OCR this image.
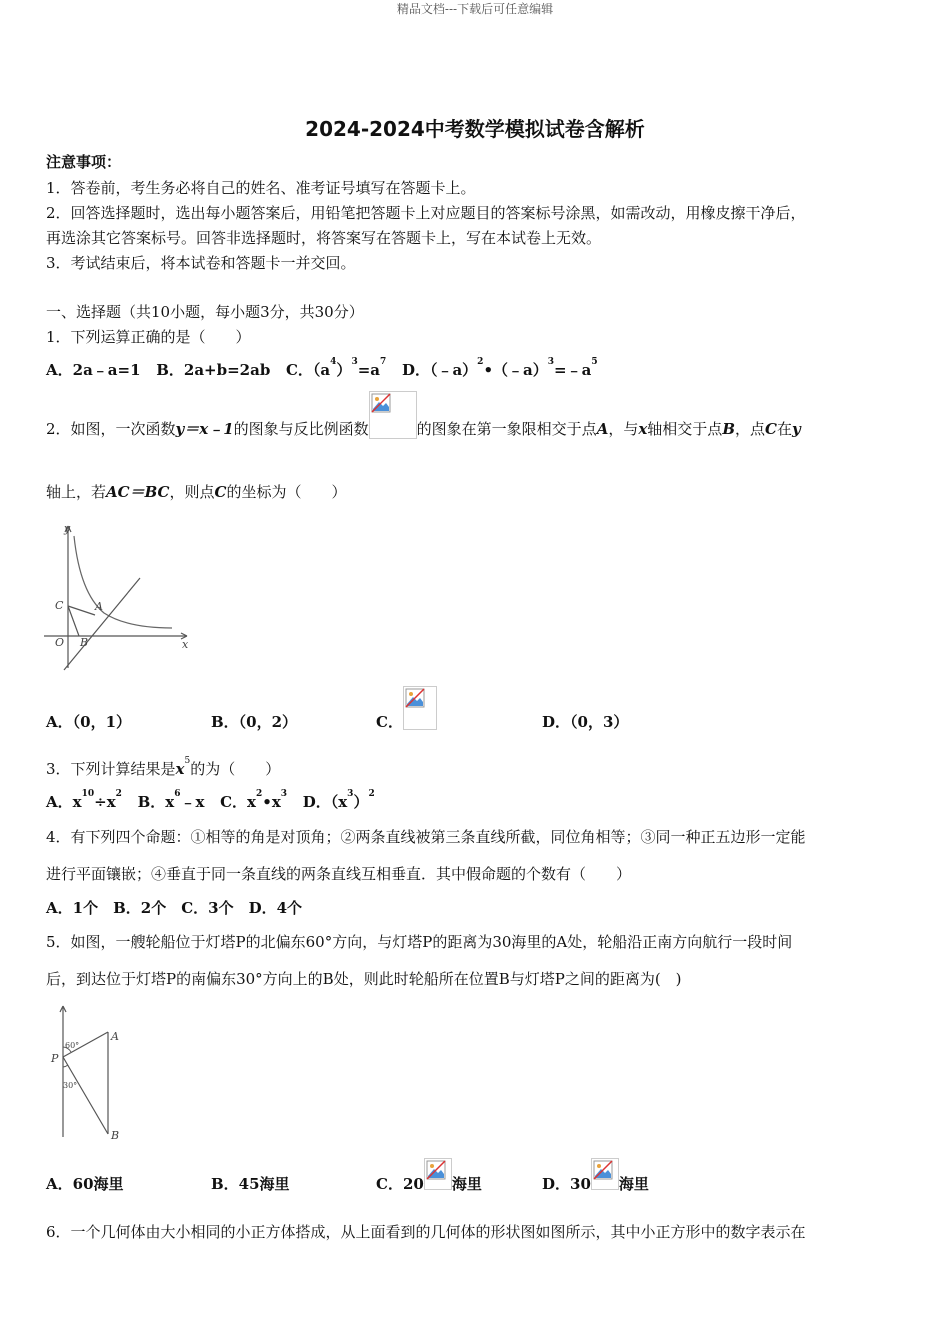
精品文档---下载后可任意编辑
2024-2024中考数学模拟试卷含解析
注意事项：
1．答卷前，考生务必将自己的姓名、准考证号填写在答题卡上。
2．回答选择题时，选出每小题答案后，用铅笔把答题卡上对应题目的答案标号涂黑，如需改动，用橡皮擦干净后，
再选涂其它答案标号。回答非选择题时，将答案写在答题卡上，写在本试卷上无效。
3．考试结束后，将本试卷和答题卡一并交回。
一、选择题（共10小题，每小题3分，共30分）
1．下列运算正确的是（　　）
A．2a﹣a=1 B．2a+b=2ab C．$(a^4)^3=a^7$ D．$(﹣a)^2•(﹣a)^3=﹣a^5$
2．如图，一次函数y＝x﹣1的图象与反比例函数	的图象在第一象限相交于点A，与x轴相交于点B，点C在y
轴上，若AC＝BC，则点C的坐标为（　　）
y
x
O B
C	A
A．（0，1）	B．（0，2）	C．	D．（0，3）
3．下列计算结果是$x^5$的为（　　）
A．$x^{10}\div x^2$ B．$x^6﹣x$ C．$x^2•x^3$ D．$(x^3)^2$
4．有下列四个命题：①相等的角是对顶角；②两条直线被第三条直线所截，同位角相等；③同一种正五边形一定能
进行平面镶嵌；④垂直于同一条直线的两条直线互相垂直．其中假命题的个数有（　　）
A．1个　B．2个　C．3个　D．4个
5．如图，一艘轮船位于灯塔P的北偏东60°方向，与灯塔P的距离为30海里的A处，轮船沿正南方向航行一段时间
后，到达位于灯塔P的南偏东30°方向上的B处，则此时轮船所在位置B与灯塔P之间的距离为(　)
P
A
B
60°
30°
A．60海里	B．45海里	C．20 海里	D．30 海里
6．一个几何体由大小相同的小正方体搭成，从上面看到的几何体的形状图如图所示，其中小正方形中的数字表示在
